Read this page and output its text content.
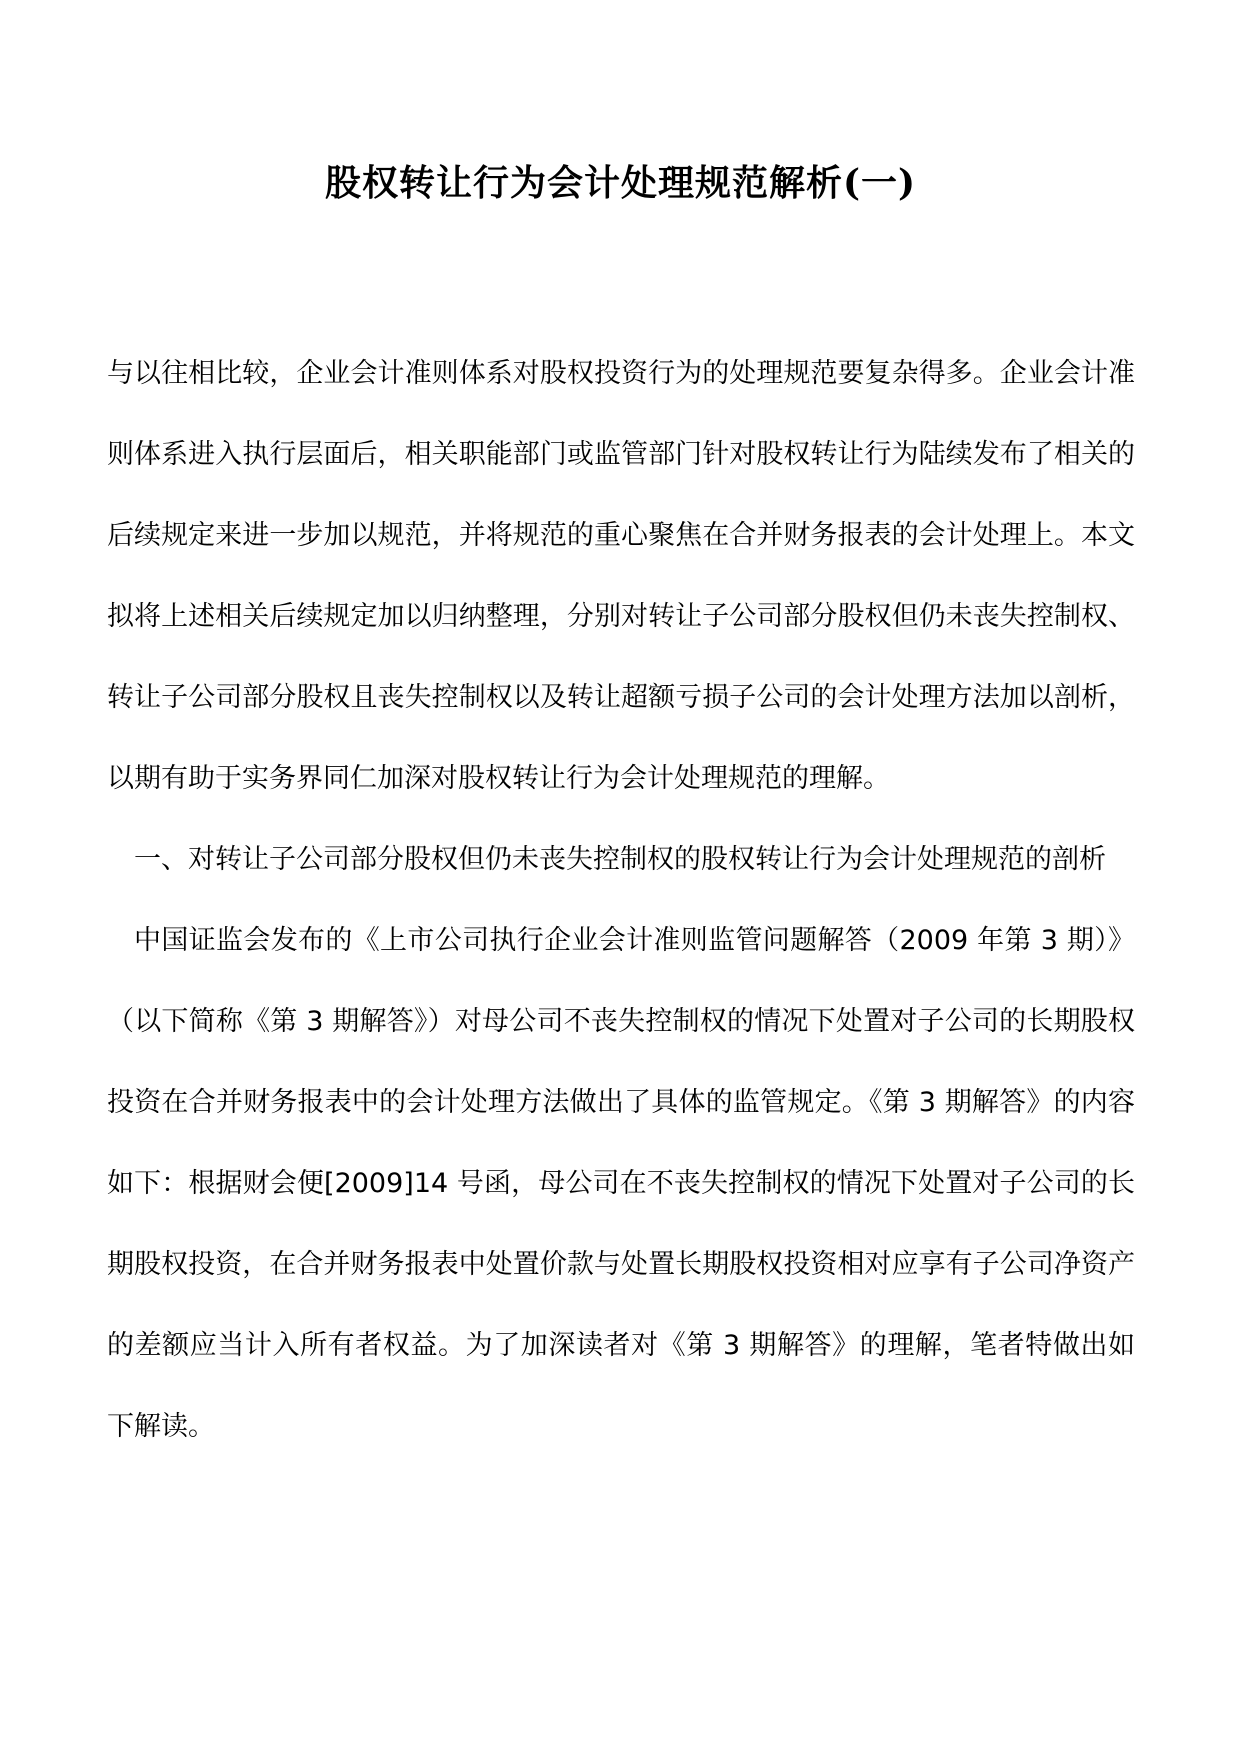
股权转让行为会计处理规范解析(一)

与以往相比较，企业会计准则体系对股权投资行为的处理规范要复杂得多。企业会计准则体系进入执行层面后，相关职能部门或监管部门针对股权转让行为陆续发布了相关的后续规定来进一步加以规范，并将规范的重心聚焦在合并财务报表的会计处理上。本文拟将上述相关后续规定加以归纳整理，分别对转让子公司部分股权但仍未丧失控制权、转让子公司部分股权且丧失控制权以及转让超额亏损子公司的会计处理方法加以剖析，以期有助于实务界同仁加深对股权转让行为会计处理规范的理解。

一、对转让子公司部分股权但仍未丧失控制权的股权转让行为会计处理规范的剖析

中国证监会发布的《上市公司执行企业会计准则监管问题解答（2009 年第 3 期）》（以下简称《第 3 期解答》）对母公司不丧失控制权的情况下处置对子公司的长期股权投资在合并财务报表中的会计处理方法做出了具体的监管规定。《第 3 期解答》的内容如下：根据财会便[2009]14 号函，母公司在不丧失控制权的情况下处置对子公司的长期股权投资，在合并财务报表中处置价款与处置长期股权投资相对应享有子公司净资产的差额应当计入所有者权益。为了加深读者对《第 3 期解答》的理解，笔者特做出如下解读。
